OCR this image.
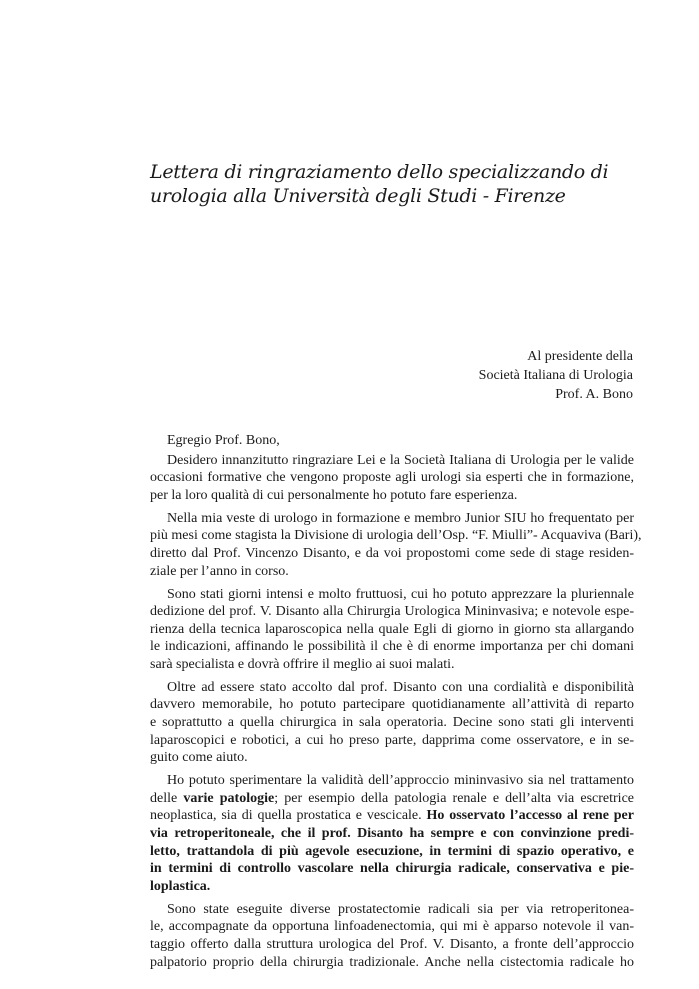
Lettera di ringraziamento dello specializzando di
urologia alla Università degli Studi - Firenze
Al presidente della
Società Italiana di Urologia
Prof. A. Bono

Egregio Prof. Bono,

Desidero innanzitutto ringraziare Lei e la Società Italiana di Urologia per le valide
occasioni formative che vengono proposte agli urologi sia esperti che in formazione,
per la loro qualità di cui personalmente ho potuto fare esperienza.

Nella mia veste di urologo in formazione e membro Junior SIU ho frequentato per
più mesi come stagista la Divisione di urologia dell’Osp. “F. Miulli”- Acquaviva (Bari),
diretto dal Prof. Vincenzo Disanto, e da voi propostomi come sede di stage residen-
ziale per l’anno in corso.

Sono stati giorni intensi e molto fruttuosi, cui ho potuto apprezzare la pluriennale
dedizione del prof. V. Disanto alla Chirurgia Urologica Mininvasiva; e notevole espe-
rienza della tecnica laparoscopica nella quale Egli di giorno in giorno sta allargando
le indicazioni, affinando le possibilità il che è di enorme importanza per chi domani
sarà specialista e dovrà offrire il meglio ai suoi malati.

Oltre ad essere stato accolto dal prof. Disanto con una cordialità e disponibilità
davvero memorabile, ho potuto partecipare quotidianamente all’attività di reparto
e soprattutto a quella chirurgica in sala operatoria. Decine sono stati gli interventi
laparoscopici e robotici, a cui ho preso parte, dapprima come osservatore, e in se-
guito come aiuto.

Ho potuto sperimentare la validità dell’approccio mininvasivo sia nel trattamento
delle varie patologie; per esempio della patologia renale e dell’alta via escretrice
neoplastica, sia di quella prostatica e vescicale. Ho osservato l’accesso al rene per
via retroperitoneale, che il prof. Disanto ha sempre e con convinzione predi-
letto, trattandola di più agevole esecuzione, in termini di spazio operativo, e
in termini di controllo vascolare nella chirurgia radicale, conservativa e pie-
loplastica.

Sono state eseguite diverse prostatectomie radicali sia per via retroperitonea-
le, accompagnate da opportuna linfoadenectomia, qui mi è apparso notevole il van-
taggio offerto dalla struttura urologica del Prof. V. Disanto, a fronte dell’approccio
palpatorio proprio della chirurgia tradizionale. Anche nella cistectomia radicale ho
